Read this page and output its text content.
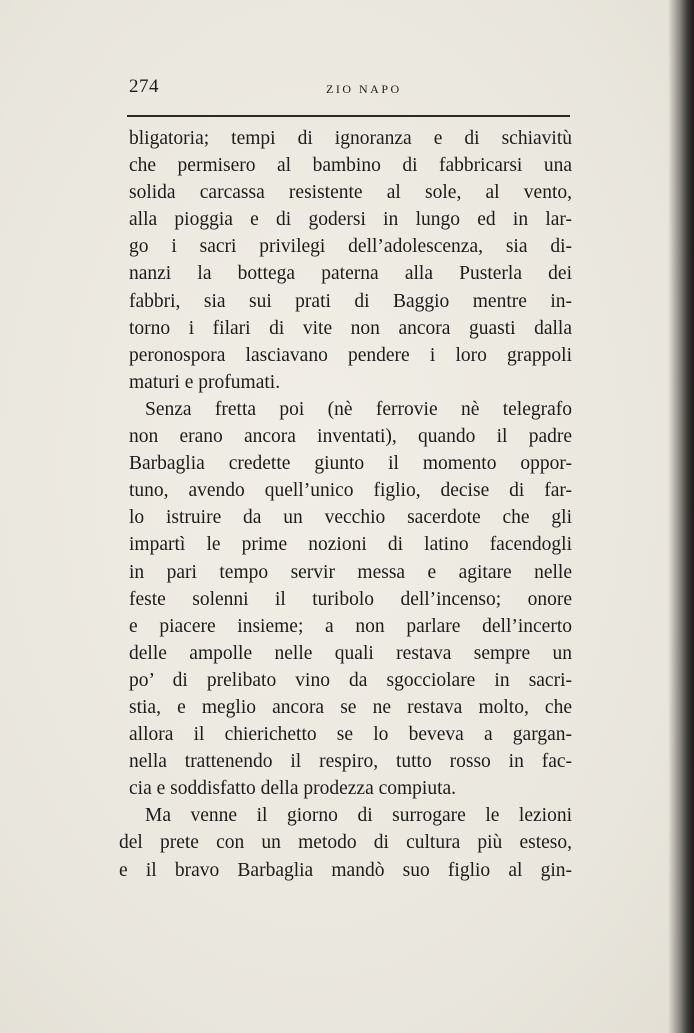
274	ZIO NAPO
bligatoria; tempi di ignoranza e di schiavitù
che permisero al bambino di fabbricarsi una
solida carcassa resistente al sole, al vento,
alla pioggia e di godersi in lungo ed in lar-
go i sacri privilegi dell’adolescenza, sia di-
nanzi la bottega paterna alla Pusterla dei
fabbri, sia sui prati di Baggio mentre in-
torno i filari di vite non ancora guasti dalla
peronospora lasciavano pendere i loro grappoli
maturi e profumati.
Senza fretta poi (nè ferrovie nè telegrafo
non erano ancora inventati), quando il padre
Barbaglia credette giunto il momento oppor-
tuno, avendo quell’unico figlio, decise di far-
lo istruire da un vecchio sacerdote che gli
impartì le prime nozioni di latino facendogli
in pari tempo servir messa e agitare nelle
feste solenni il turibolo dell’incenso; onore
e piacere insieme; a non parlare dell’incerto
delle ampolle nelle quali restava sempre un
po’ di prelibato vino da sgocciolare in sacri-
stia, e meglio ancora se ne restava molto, che
allora il chierichetto se lo beveva a gargan-
nella trattenendo il respiro, tutto rosso in fac-
cia e soddisfatto della prodezza compiuta.
Ma venne il giorno di surrogare le lezioni
del prete con un metodo di cultura più esteso,
e il bravo Barbaglia mandò suo figlio al gin-
